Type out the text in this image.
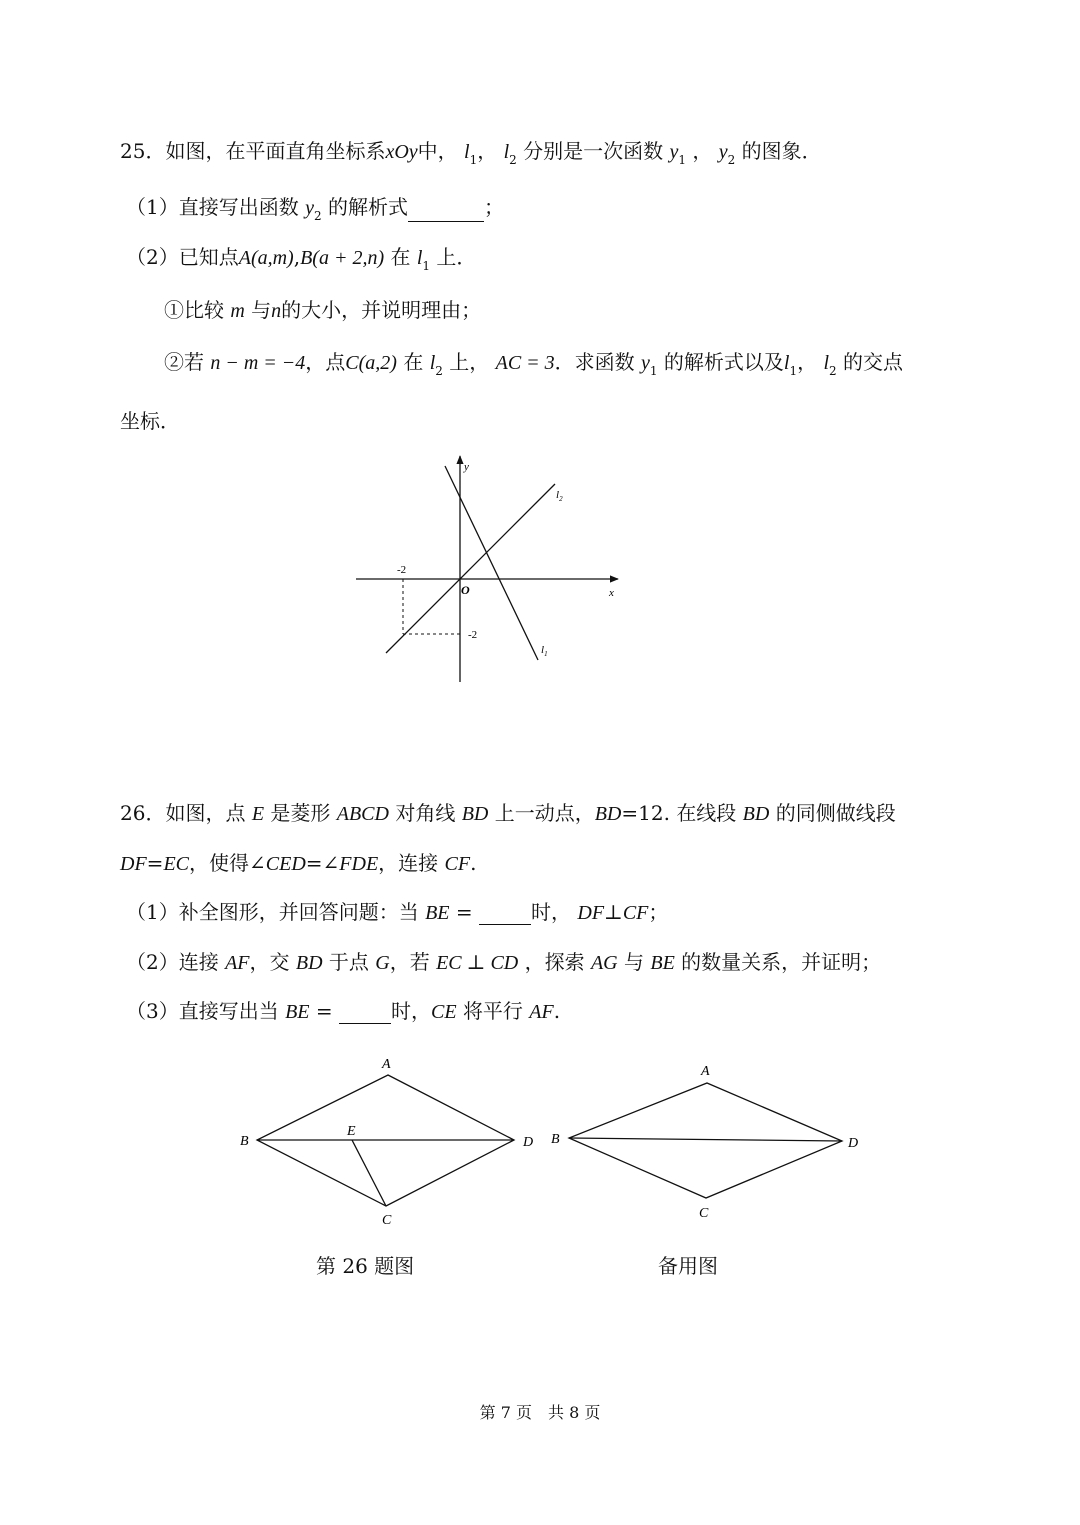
25．如图，在平面直角坐标系xOy中， $l_1$， $l_2$ 分别是一次函数 $y_1$ ， $y_2$ 的图象．
（1）直接写出函数 $y_2$ 的解析式	；
（2）已知点A(a,m),B(a + 2,n) 在 $l_1$ 上．
①比较 m 与n的大小，并说明理由；
②若 n − m = −4，点C(a,2) 在 $l_2$ 上， AC = 3．求函数 $y_1$ 的解析式以及$l_1$， $l_2$ 的交点
坐标．
y
x
O
-2
-2
$l_2$
$l_1$
26．如图，点 E 是菱形 ABCD 对角线 BD 上一动点，BD=12. 在线段 BD 的同侧做线段
DF=EC，使得∠CED=∠FDE，连接 CF.
（1）补全图形，并回答问题：当 BE =	时， DF⊥CF；
（2）连接 AF，交 BD 于点 G，若 EC ⊥ CD ，探索 AG 与 BE 的数量关系，并证明；
（3）直接写出当 BE =	时，CE 将平行 AF.
A
B
C
D
E
A
B
C
D
第 26 题图	备用图
第 7 页　共 8 页
